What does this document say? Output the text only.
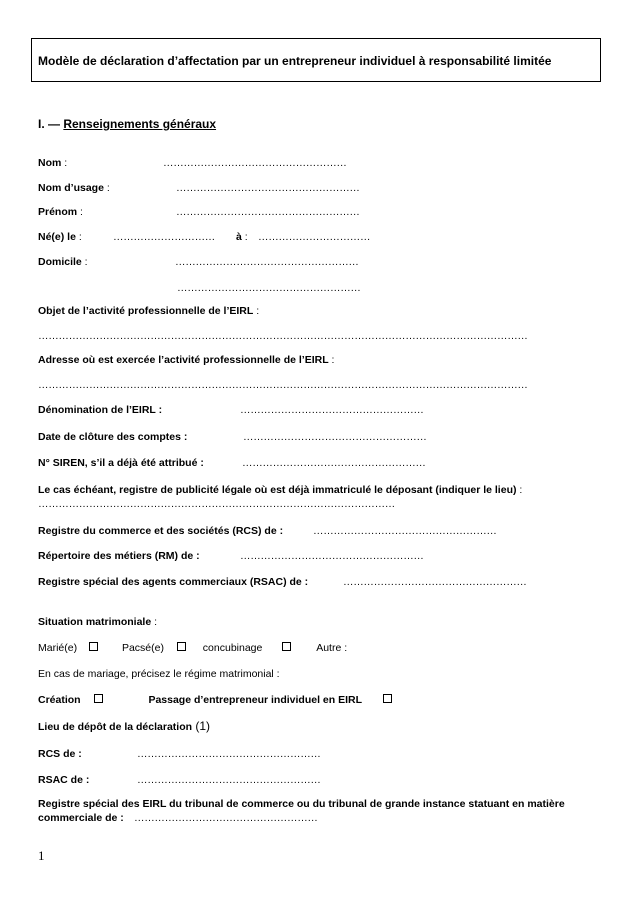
Modèle de déclaration d’affectation par un entrepreneur individuel à responsabilité limitée
I. — Renseignements généraux
Nom :	………………………………………………
Nom d’usage :	………………………………………………
Prénom :	………………………………………………
Né(e) le :	………………………… à : ……………………………
Domicile :	………………………………………………
………………………………………………
Objet de l’activité professionnelle de l’EIRL :
………………………………………………………………………………………………………………………………
Adresse où est exercée l’activité professionnelle de l’EIRL :
………………………………………………………………………………………………………………………………
Dénomination de l’EIRL :	………………………………………………
Date de clôture des comptes :	………………………………………………
N° SIREN, s’il a déjà été attribué :	………………………………………………
Le cas échéant, registre de publicité légale où est déjà immatriculé le déposant (indiquer le lieu) :
……………………………………………………………………………………………
Registre du commerce et des sociétés (RCS) de :	………………………………………………
Répertoire des métiers (RM) de :	………………………………………………
Registre spécial des agents commerciaux (RSAC) de :	………………………………………………
Situation matrimoniale :
Marié(e)	Pacsé(e)	concubinage	Autre :
En cas de mariage, précisez le régime matrimonial :
Création	Passage d’entrepreneur individuel en EIRL
Lieu de dépôt de la déclaration (1)
RCS de :	………………………………………………
RSAC de :	………………………………………………
Registre spécial des EIRL du tribunal de commerce ou du tribunal de grande instance statuant en matière
commerciale de : ………………………………………………
1
